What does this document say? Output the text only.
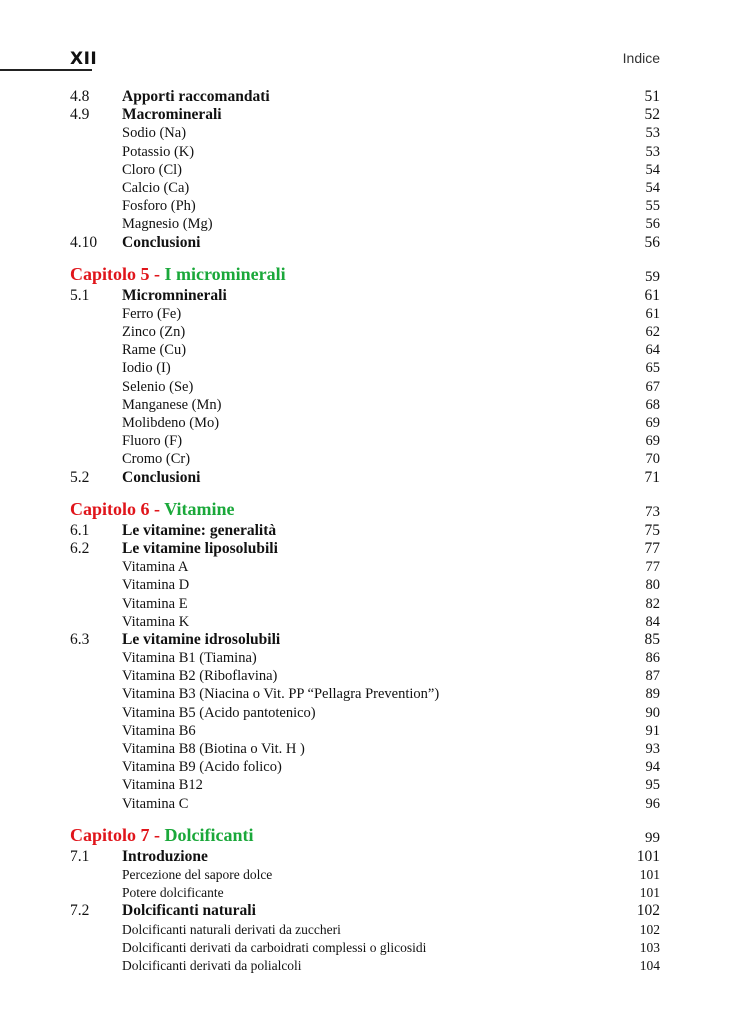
XII	Indice
4.8 Apporti raccomandati	51
4.9 Macrominerali	52
Sodio (Na)	53
Potassio (K)	53
Cloro (Cl)	54
Calcio (Ca)	54
Fosforo (Ph)	55
Magnesio (Mg)	56
4.10 Conclusioni	56
Capitolo 5 - I microminerali	59
5.1 Micromninerali	61
Ferro (Fe)	61
Zinco (Zn)	62
Rame (Cu)	64
Iodio (I)	65
Selenio (Se)	67
Manganese (Mn)	68
Molibdeno (Mo)	69
Fluoro (F)	69
Cromo (Cr)	70
5.2 Conclusioni	71
Capitolo 6 - Vitamine	73
6.1 Le vitamine: generalità	75
6.2 Le vitamine liposolubili	77
Vitamina A	77
Vitamina D	80
Vitamina E	82
Vitamina K	84
6.3 Le vitamine idrosolubili	85
Vitamina B1 (Tiamina)	86
Vitamina B2 (Riboflavina)	87
Vitamina B3 (Niacina o Vit. PP “Pellagra Prevention”)	89
Vitamina B5 (Acido pantotenico)	90
Vitamina B6	91
Vitamina B8 (Biotina o Vit. H )	93
Vitamina B9 (Acido folico)	94
Vitamina B12	95
Vitamina C	96
Capitolo 7 - Dolcificanti	99
7.1 Introduzione	101
Percezione del sapore dolce	101
Potere dolcificante	101
7.2 Dolcificanti naturali	102
Dolcificanti naturali derivati da zuccheri	102
Dolcificanti derivati da carboidrati complessi o glicosidi	103
Dolcificanti derivati da polialcoli	104
